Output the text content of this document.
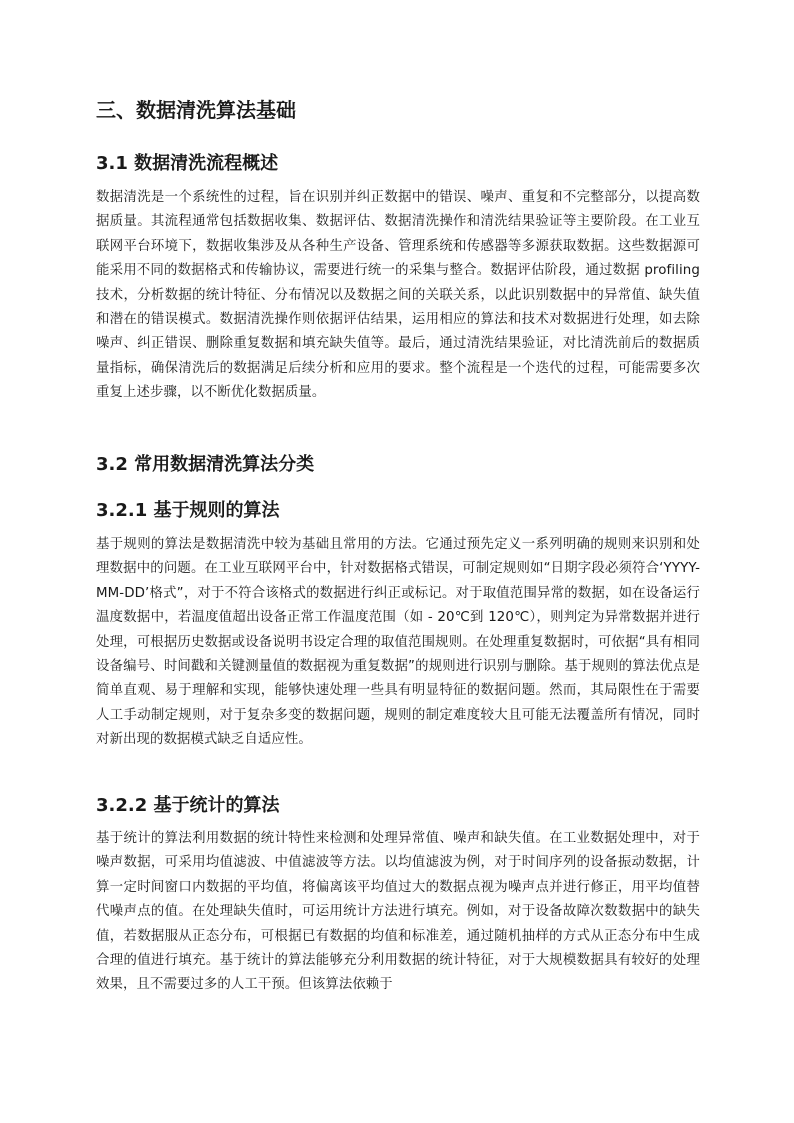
三、数据清洗算法基础
3.1 数据清洗流程概述
数据清洗是一个系统性的过程，旨在识别并纠正数据中的错误、噪声、重复和不完整部分，以提高数据质量。其流程通常包括数据收集、数据评估、数据清洗操作和清洗结果验证等主要阶段。在工业互联网平台环境下，数据收集涉及从各种生产设备、管理系统和传感器等多源获取数据。这些数据源可能采用不同的数据格式和传输协议，需要进行统一的采集与整合。数据评估阶段，通过数据 profiling 技术，分析数据的统计特征、分布情况以及数据之间的关联关系，以此识别数据中的异常值、缺失值和潜在的错误模式。数据清洗操作则依据评估结果，运用相应的算法和技术对数据进行处理，如去除噪声、纠正错误、删除重复数据和填充缺失值等。最后，通过清洗结果验证，对比清洗前后的数据质量指标，确保清洗后的数据满足后续分析和应用的要求。整个流程是一个迭代的过程，可能需要多次重复上述步骤，以不断优化数据质量。
3.2 常用数据清洗算法分类
3.2.1 基于规则的算法
基于规则的算法是数据清洗中较为基础且常用的方法。它通过预先定义一系列明确的规则来识别和处理数据中的问题。在工业互联网平台中，针对数据格式错误，可制定规则如“日期字段必须符合‘YYYY-MM-DD’格式”，对于不符合该格式的数据进行纠正或标记。对于取值范围异常的数据，如在设备运行温度数据中，若温度值超出设备正常工作温度范围（如 - 20℃到 120℃），则判定为异常数据并进行处理，可根据历史数据或设备说明书设定合理的取值范围规则。在处理重复数据时，可依据“具有相同设备编号、时间戳和关键测量值的数据视为重复数据”的规则进行识别与删除。基于规则的算法优点是简单直观、易于理解和实现，能够快速处理一些具有明显特征的数据问题。然而，其局限性在于需要人工手动制定规则，对于复杂多变的数据问题，规则的制定难度较大且可能无法覆盖所有情况，同时对新出现的数据模式缺乏自适应性。
3.2.2 基于统计的算法
基于统计的算法利用数据的统计特性来检测和处理异常值、噪声和缺失值。在工业数据处理中，对于噪声数据，可采用均值滤波、中值滤波等方法。以均值滤波为例，对于时间序列的设备振动数据，计算一定时间窗口内数据的平均值，将偏离该平均值过大的数据点视为噪声点并进行修正，用平均值替代噪声点的值。在处理缺失值时，可运用统计方法进行填充。例如，对于设备故障次数数据中的缺失值，若数据服从正态分布，可根据已有数据的均值和标准差，通过随机抽样的方式从正态分布中生成合理的值进行填充。基于统计的算法能够充分利用数据的统计特征，对于大规模数据具有较好的处理效果，且不需要过多的人工干预。但该算法依赖于
